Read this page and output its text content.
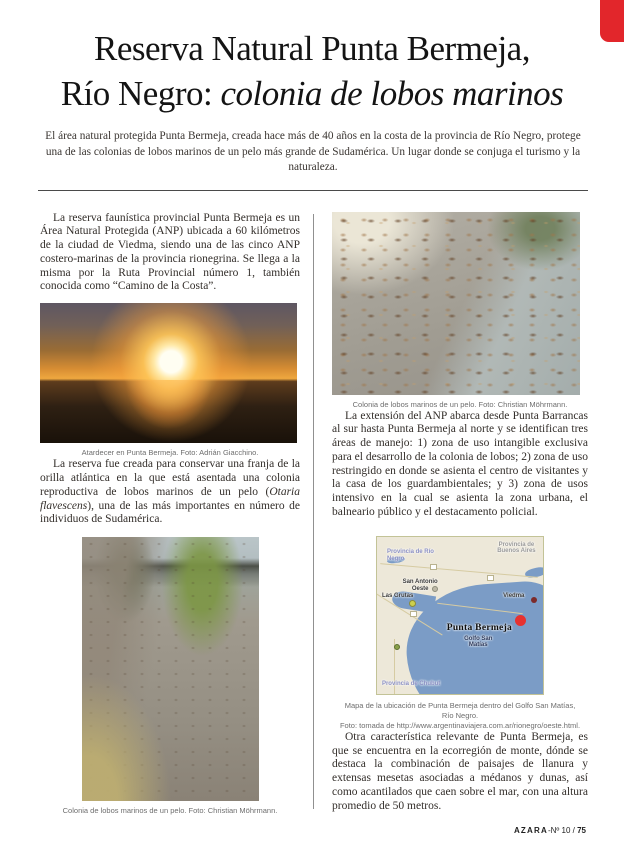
Reserva Natural Punta Bermeja,
Río Negro: colonia de lobos marinos

El área natural protegida Punta Bermeja, creada hace más de 40 años en la costa de la provincia de Río Negro, protege una de las colonias de lobos marinos de un pelo más grande de Sudamérica. Un lugar donde se conjuga el turismo y la naturaleza.

La reserva faunística provincial Punta Bermeja es un Área Natural Protegida (ANP) ubicada a 60 kilómetros de la ciudad de Viedma, siendo una de las cinco ANP costero-marinas de la provincia rionegrina. Se llega a la misma por la Ruta Provincial número 1, también conocida como “Camino de la Costa”.

Atardecer en Punta Bermeja. Foto: Adrián Giacchino.

La reserva fue creada para conservar una franja de la orilla atlántica en la que está asentada una colonia reproductiva de lobos marinos de un pelo (Otaria flavescens), una de las más importantes en número de individuos de Sudamérica.

Colonia de lobos marinos de un pelo. Foto: Christian Möhrmann.
Colonia de lobos marinos de un pelo. Foto: Christian Möhrmann.

La extensión del ANP abarca desde Punta Barrancas al sur hasta Punta Bermeja al norte y se identifican tres áreas de manejo: 1) zona de uso intangible exclusiva para el desarrollo de la colonia de lobos; 2) zona de uso restringido en donde se asienta el centro de visitantes y la casa de los guardambientales; y 3) zona de usos intensivo en la cual se asienta la zona urbana, el balneario público y el destacamento policial.

Provincia de Río Negro
Provincia de Buenos Aires
San Antonio Oeste
Las Grutas	Viedma
Golfo San Matías
Provincia de Chubut
Punta Bermeja
Mapa de la ubicación de Punta Bermeja dentro del Golfo San Matías,
Río Negro.
Foto: tomada de http://www.argentinaviajera.com.ar/rionegro/oeste.html.

Otra característica relevante de Punta Bermeja, es que se encuentra en la ecorregión de monte, dónde se destaca la combinación de paisajes de llanura y extensas mesetas asociadas a médanos y dunas, así como acantilados que caen sobre el mar, con una altura promedio de 50 metros.

AZARA-Nº 10 / 75
